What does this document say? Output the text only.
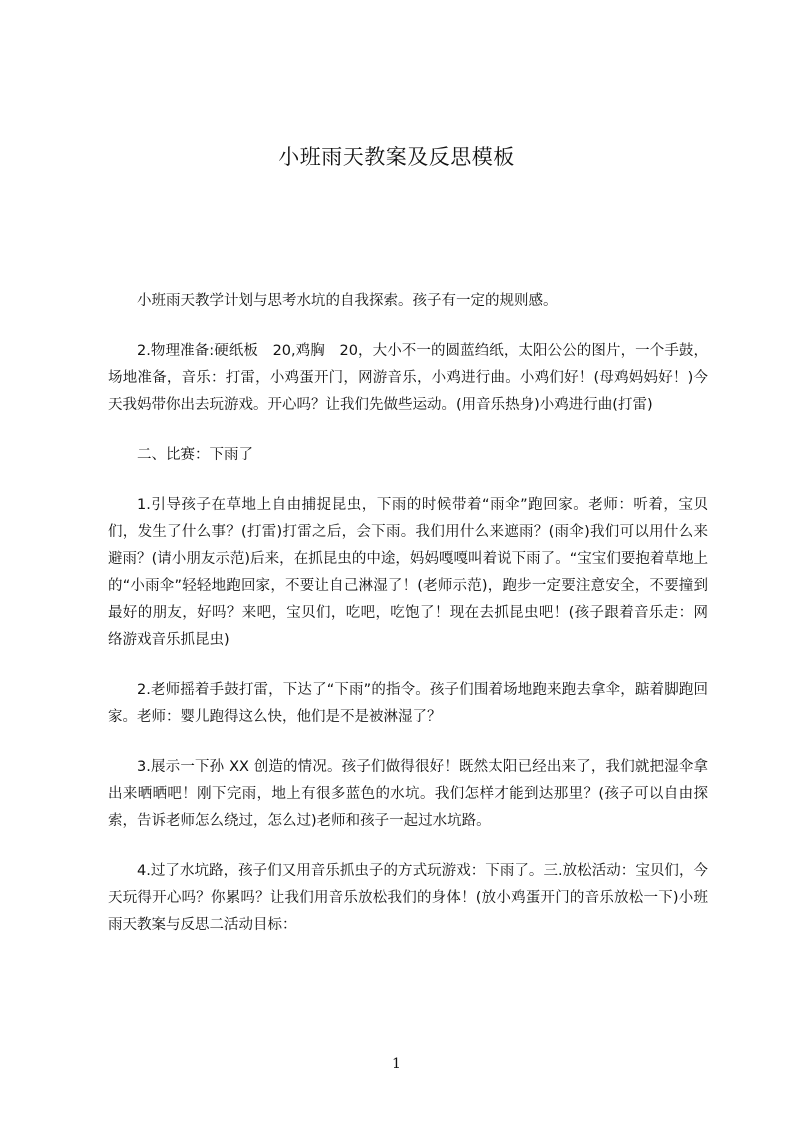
小班雨天教案及反思模板

小班雨天教学计划与思考水坑的自我探索。孩子有一定的规则感。

2.物理准备:硬纸板　20,鸡胸　20，大小不一的圆蓝绉纸，太阳公公的图片，一个手鼓，场地准备，音乐：打雷，小鸡蛋开门，网游音乐，小鸡进行曲。小鸡们好！(母鸡妈妈好！)今天我妈带你出去玩游戏。开心吗？让我们先做些运动。(用音乐热身)小鸡进行曲(打雷)

二、比赛：下雨了

1.引导孩子在草地上自由捕捉昆虫，下雨的时候带着“雨伞”跑回家。老师：听着，宝贝们，发生了什么事？(打雷)打雷之后，会下雨。我们用什么来遮雨？(雨伞)我们可以用什么来避雨？(请小朋友示范)后来，在抓昆虫的中途，妈妈嘎嘎叫着说下雨了。“宝宝们要抱着草地上的“小雨伞”轻轻地跑回家，不要让自己淋湿了！(老师示范)，跑步一定要注意安全，不要撞到最好的朋友，好吗？来吧，宝贝们，吃吧，吃饱了！现在去抓昆虫吧！(孩子跟着音乐走：网络游戏音乐抓昆虫)

2.老师摇着手鼓打雷，下达了“下雨”的指令。孩子们围着场地跑来跑去拿伞，踮着脚跑回家。老师：婴儿跑得这么快，他们是不是被淋湿了？

3.展示一下孙 XX 创造的情况。孩子们做得很好！既然太阳已经出来了，我们就把湿伞拿出来晒晒吧！刚下完雨，地上有很多蓝色的水坑。我们怎样才能到达那里？(孩子可以自由探索，告诉老师怎么绕过，怎么过)老师和孩子一起过水坑路。

4.过了水坑路，孩子们又用音乐抓虫子的方式玩游戏：下雨了。三.放松活动：宝贝们，今天玩得开心吗？你累吗？让我们用音乐放松我们的身体！(放小鸡蛋开门的音乐放松一下)小班雨天教案与反思二活动目标：

1
